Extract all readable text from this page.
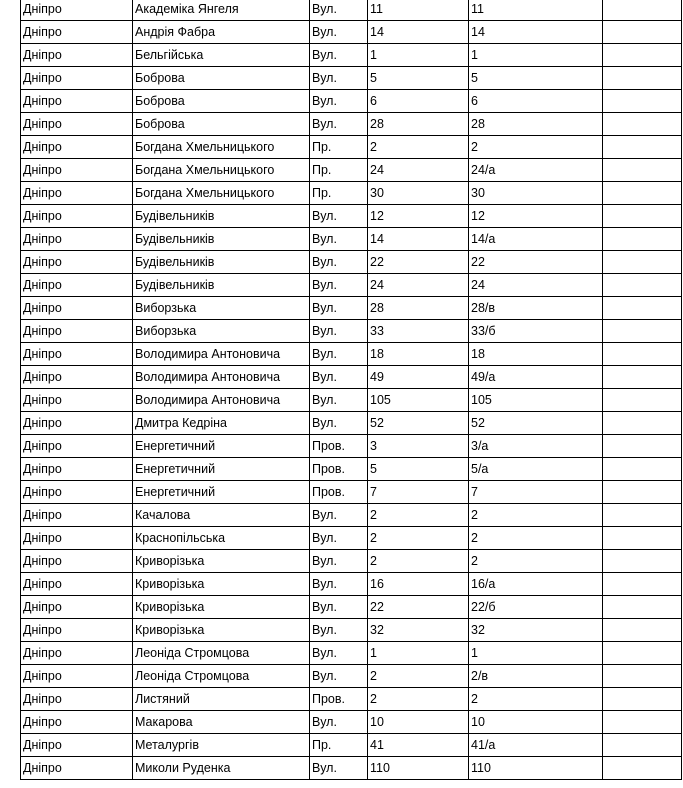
Дніпро	Академіка Янгеля	Вул.	11	11	
Дніпро	Андрія Фабра	Вул.	14	14	
Дніпро	Бельгійська	Вул.	1	1	
Дніпро	Боброва	Вул.	5	5	
Дніпро	Боброва	Вул.	6	6	
Дніпро	Боброва	Вул.	28	28	
Дніпро	Богдана Хмельницького	Пр.	2	2	
Дніпро	Богдана Хмельницького	Пр.	24	24/а	
Дніпро	Богдана Хмельницького	Пр.	30	30	
Дніпро	Будівельників	Вул.	12	12	
Дніпро	Будівельників	Вул.	14	14/а	
Дніпро	Будівельників	Вул.	22	22	
Дніпро	Будівельників	Вул.	24	24	
Дніпро	Виборзька	Вул.	28	28/в	
Дніпро	Виборзька	Вул.	33	33/б	
Дніпро	Володимира Антоновича	Вул.	18	18	
Дніпро	Володимира Антоновича	Вул.	49	49/а	
Дніпро	Володимира Антоновича	Вул.	105	105	
Дніпро	Дмитра Кедріна	Вул.	52	52	
Дніпро	Енергетичний	Пров.	3	3/а	
Дніпро	Енергетичний	Пров.	5	5/а	
Дніпро	Енергетичний	Пров.	7	7	
Дніпро	Качалова	Вул.	2	2	
Дніпро	Краснопільська	Вул.	2	2	
Дніпро	Криворізька	Вул.	2	2	
Дніпро	Криворізька	Вул.	16	16/а	
Дніпро	Криворізька	Вул.	22	22/б	
Дніпро	Криворізька	Вул.	32	32	
Дніпро	Леоніда Стромцова	Вул.	1	1	
Дніпро	Леоніда Стромцова	Вул.	2	2/в	
Дніпро	Листяний	Пров.	2	2	
Дніпро	Макарова	Вул.	10	10	
Дніпро	Металургів	Пр.	41	41/а	
Дніпро	Миколи Руденка	Вул.	110	110	
